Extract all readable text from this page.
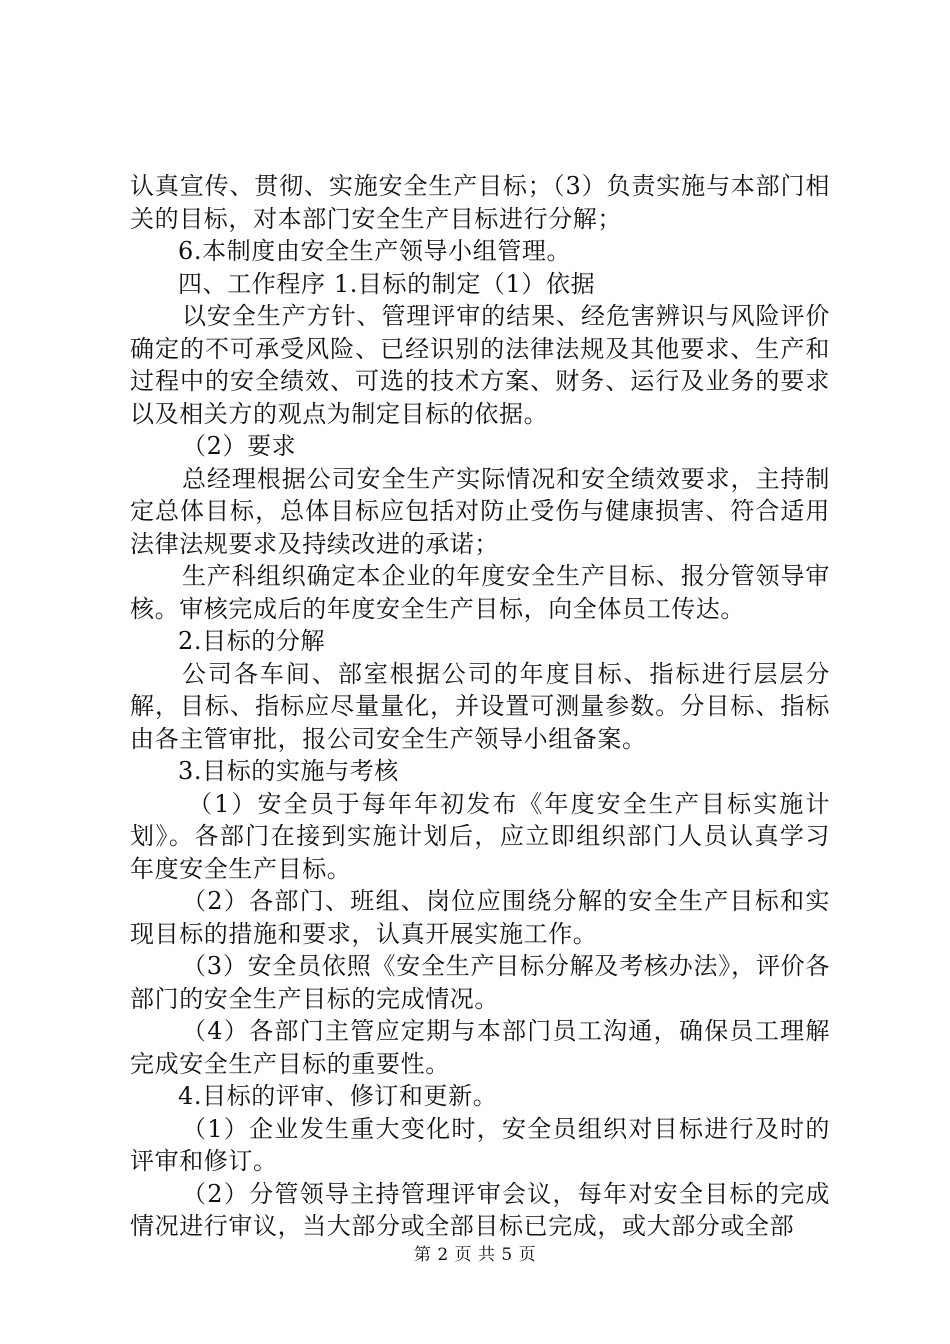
认真宣传、贯彻、实施安全生产目标；（3）负责实施与本部门相关的目标，对本部门安全生产目标进行分解；

6.本制度由安全生产领导小组管理。

四、工作程序 1.目标的制定（1）依据

以安全生产方针、管理评审的结果、经危害辨识与风险评价确定的不可承受风险、已经识别的法律法规及其他要求、生产和过程中的安全绩效、可选的技术方案、财务、运行及业务的要求以及相关方的观点为制定目标的依据。

（2）要求

总经理根据公司安全生产实际情况和安全绩效要求，主持制定总体目标，总体目标应包括对防止受伤与健康损害、符合适用法律法规要求及持续改进的承诺；

生产科组织确定本企业的年度安全生产目标、报分管领导审核。审核完成后的年度安全生产目标，向全体员工传达。

2.目标的分解

公司各车间、部室根据公司的年度目标、指标进行层层分解，目标、指标应尽量量化，并设置可测量参数。分目标、指标由各主管审批，报公司安全生产领导小组备案。

3.目标的实施与考核

（1）安全员于每年年初发布《年度安全生产目标实施计划》。各部门在接到实施计划后，应立即组织部门人员认真学习年度安全生产目标。

（2）各部门、班组、岗位应围绕分解的安全生产目标和实现目标的措施和要求，认真开展实施工作。

（3）安全员依照《安全生产目标分解及考核办法》，评价各部门的安全生产目标的完成情况。

（4）各部门主管应定期与本部门员工沟通，确保员工理解完成安全生产目标的重要性。

4.目标的评审、修订和更新。

（1）企业发生重大变化时，安全员组织对目标进行及时的评审和修订。

（2）分管领导主持管理评审会议，每年对安全目标的完成情况进行审议，当大部分或全部目标已完成，或大部分或全部

第 2 页 共 5 页
